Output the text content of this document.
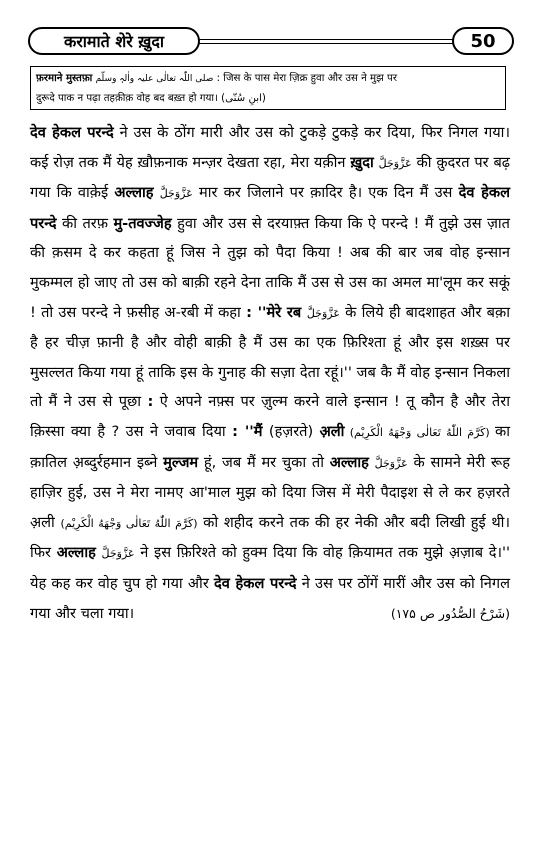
करामाते शेरे ख़ुदा	50
फ़रमाने मुस्तफ़ा صلی اللّٰہ تعالٰی علیہ واٰلہٖ وسلّم : जिस के पास मेरा ज़िक्र हुवा और उस ने मुझ पर
दुरूदे पाक न पढ़ा तहक़ीक़ वोह बद बख़्त हो गया। (ابنِ سُنّی)

देव हेकल परन्दे ने उस के ठोंग मारी और उस को टुकड़े टुकड़े कर दिया, फिर निगल गया। कई रोज़ तक मैं येह ख़ौफ़नाक मन्ज़र देखता रहा, मेरा यक़ीन ख़ुदा عَزَّوَجَلَّ की क़ुदरत पर बढ़ गया कि वाक़ेई अल्लाह عَزَّوَجَلَّ मार कर जिलाने पर क़ादिर है। एक दिन मैं उस देव हेकल परन्दे की तरफ़ मु-तवज्जेह हुवा और उस से दरयाफ़्त किया कि ऐ परन्दे ! मैं तुझे उस ज़ात की क़सम दे कर कहता हूं जिस ने तुझ को पैदा किया ! अब की बार जब वोह इन्सान मुकम्मल हो जाए तो उस को बाक़ी रहने देना ताकि मैं उस से उस का अमल मा'लूम कर सकूं ! तो उस परन्दे ने फ़सीह अ-रबी में कहा : ''मेरे रब عَزَّوَجَلَّ के लिये ही बादशाहत और बक़ा है हर चीज़ फ़ानी है और वोही बाक़ी है मैं उस का एक फ़िरिश्ता हूं और इस शख़्स पर मुसल्लत किया गया हूं ताकि इस के गुनाह की सज़ा देता रहूं।'' जब कै मैं वोह इन्सान निकला तो मैं ने उस से पूछा : ऐ अपने नफ़्स पर ज़ुल्म करने वाले इन्सान ! तू कौन है और तेरा क़िस्सा क्या है ? उस ने जवाब दिया : ''मैं (हज़रते) अ़ली (كَرَّمَ اللّٰهُ تَعَالٰی وَجْهَهُ الْكَرِيْم) का क़ातिल अ़ब्दुर्रहमान इब्ने मुल्जम हूं, जब मैं मर चुका तो अल्लाह عَزَّوَجَلَّ के सामने मेरी रूह हाज़िर हुई, उस ने मेरा नामए आ'माल मुझ को दिया जिस में मेरी पैदाइश से ले कर हज़रते अ़ली (كَرَّمَ اللّٰهُ تَعَالٰی وَجْهَهُ الْكَرِيْم) को शहीद करने तक की हर नेकी और बदी लिखी हुई थी। फिर अल्लाह عَزَّوَجَلَّ ने इस फ़िरिश्ते को हुक्म दिया कि वोह क़ियामत तक मुझे अ़ज़ाब दे।'' येह कह कर वोह चुप हो गया और देव हेकल परन्दे ने उस पर ठोंगें मारीं और उस को निगल गया और चला गया।	(شَرْحُ الصُّدُور ص ۱۷۵)
